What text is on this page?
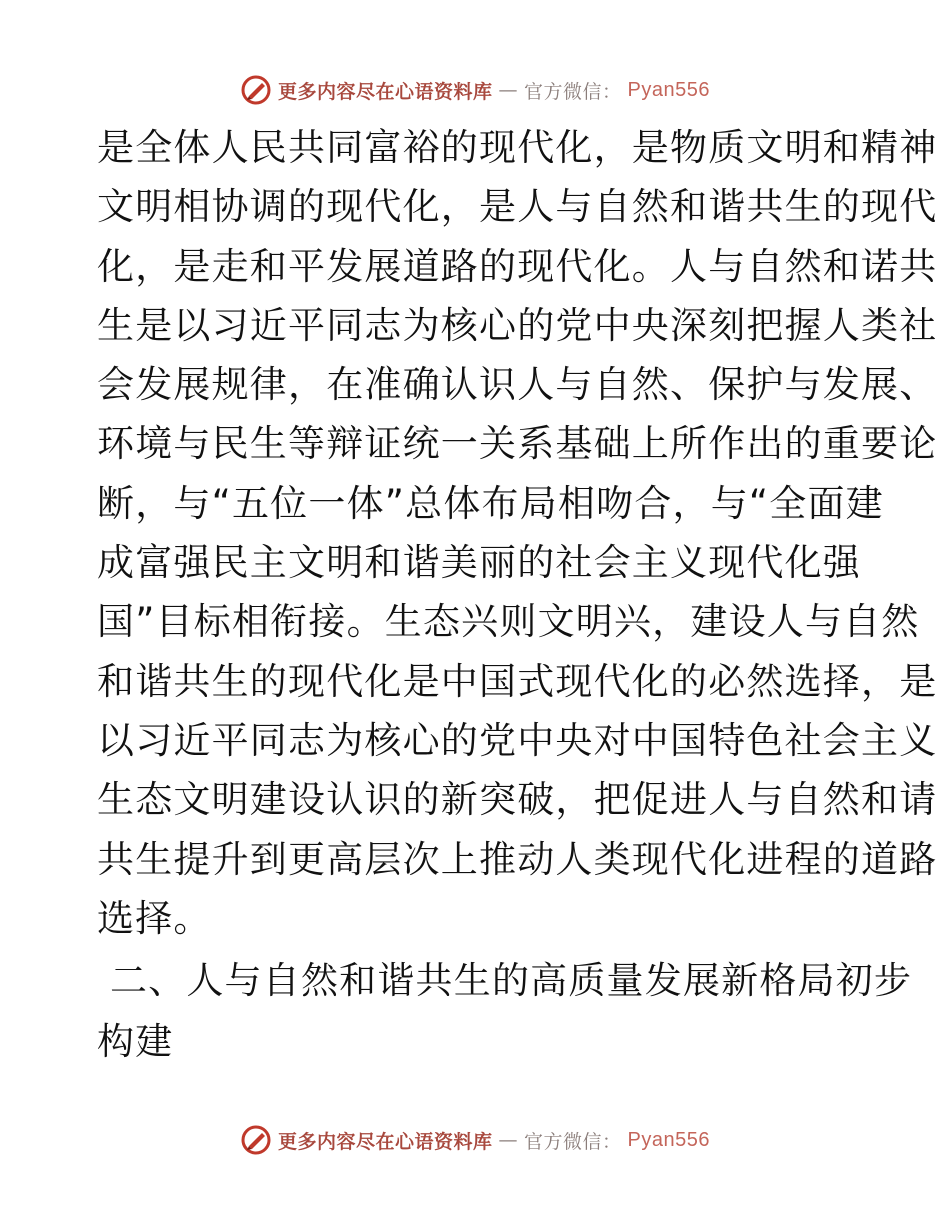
更多内容尽在心语资料库 — 官方微信： Pyan556
是全体人民共同富裕的现代化，是物质文明和精神
文明相协调的现代化，是人与自然和谐共生的现代
化，是走和平发展道路的现代化。人与自然和诺共
生是以习近平同志为核心的党中央深刻把握人类社
会发展规律，在准确认识人与自然、保护与发展、
环境与民生等辩证统一关系基础上所作出的重要论
断，与“五位一体”总体布局相吻合，与“全面建
成富强民主文明和谐美丽的社会主义现代化强
国”目标相衔接。生态兴则文明兴，建设人与自然
和谐共生的现代化是中国式现代化的必然选择，是
以习近平同志为核心的党中央对中国特色社会主义
生态文明建设认识的新突破，把促进人与自然和请
共生提升到更高层次上推动人类现代化进程的道路
选择。
二、人与自然和谐共生的高质量发展新格局初步
构建
更多内容尽在心语资料库 — 官方微信： Pyan556
